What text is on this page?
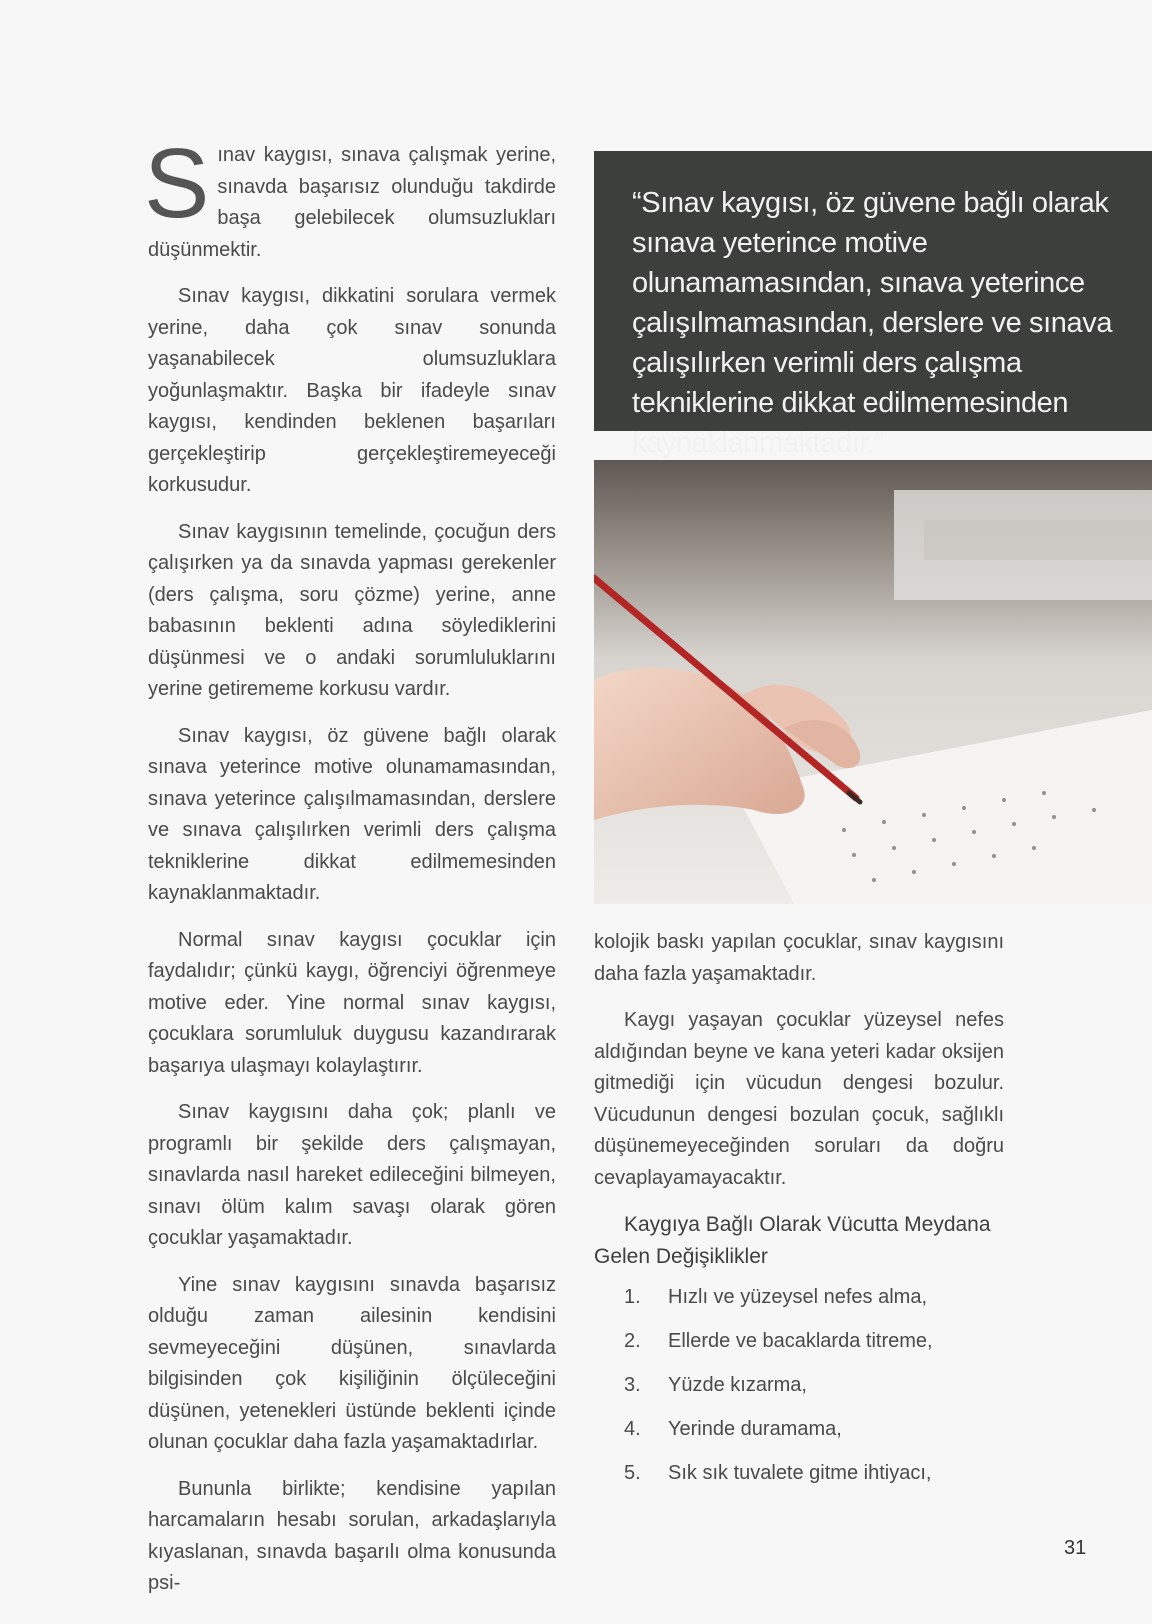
Sınav kaygısı, sınava çalışmak yerine, sınavda başarısız olunduğu takdirde başa gelebilecek olumsuzlukları düşünmektir.

Sınav kaygısı, dikkatini sorulara vermek yerine, daha çok sınav sonunda yaşanabilecek olumsuzluklara yoğunlaşmaktır. Başka bir ifadeyle sınav kaygısı, kendinden beklenen başarıları gerçekleştirip gerçekleştiremeyeceği korkusudur.

Sınav kaygısının temelinde, çocuğun ders çalışırken ya da sınavda yapması gerekenler (ders çalışma, soru çözme) yerine, anne babasının beklenti adına söylediklerini düşünmesi ve o andaki sorumluluklarını yerine getirememe korkusu vardır.

Sınav kaygısı, öz güvene bağlı olarak sınava yeterince motive olunamamasından, sınava yeterince çalışılmamasından, derslere ve sınava çalışılırken verimli ders çalışma tekniklerine dikkat edilmemesinden kaynaklanmaktadır.

Normal sınav kaygısı çocuklar için faydalıdır; çünkü kaygı, öğrenciyi öğrenmeye motive eder. Yine normal sınav kaygısı, çocuklara sorumluluk duygusu kazandırarak başarıya ulaşmayı kolaylaştırır.

Sınav kaygısını daha çok; planlı ve programlı bir şekilde ders çalışmayan, sınavlarda nasıl hareket edileceğini bilmeyen, sınavı ölüm kalım savaşı olarak gören çocuklar yaşamaktadır.

Yine sınav kaygısını sınavda başarısız olduğu zaman ailesinin kendisini sevmeyeceğini düşünen, sınavlarda bilgisinden çok kişiliğinin ölçüleceğini düşünen, yetenekleri üstünde beklenti içinde olunan çocuklar daha fazla yaşamaktadırlar.

Bununla birlikte; kendisine yapılan harcamaların hesabı sorulan, arkadaşlarıyla kıyaslanan, sınavda başarılı olma konusunda psi-

“Sınav kaygısı, öz güvene bağlı olarak sınava yeterince motive olunamamasından, sınava yeterince çalışılmamasından, derslere ve sınava çalışılırken verimli ders çalışma tekniklerine dikkat edilmemesinden kaynaklanmaktadır.”

kolojik baskı yapılan çocuklar, sınav kaygısını daha fazla yaşamaktadır.

Kaygı yaşayan çocuklar yüzeysel nefes aldığından beyne ve kana yeteri kadar oksijen gitmediği için vücudun dengesi bozulur. Vücudunun dengesi bozulan çocuk, sağlıklı düşünemeyeceğinden soruları da doğru cevaplayamayacaktır.

Kaygıya Bağlı Olarak Vücutta Meydana Gelen Değişiklikler
1.	Hızlı ve yüzeysel nefes alma,
2.	Ellerde ve bacaklarda titreme,
3.	Yüzde kızarma,
4.	Yerinde duramama,
5.	Sık sık tuvalete gitme ihtiyacı,
31
